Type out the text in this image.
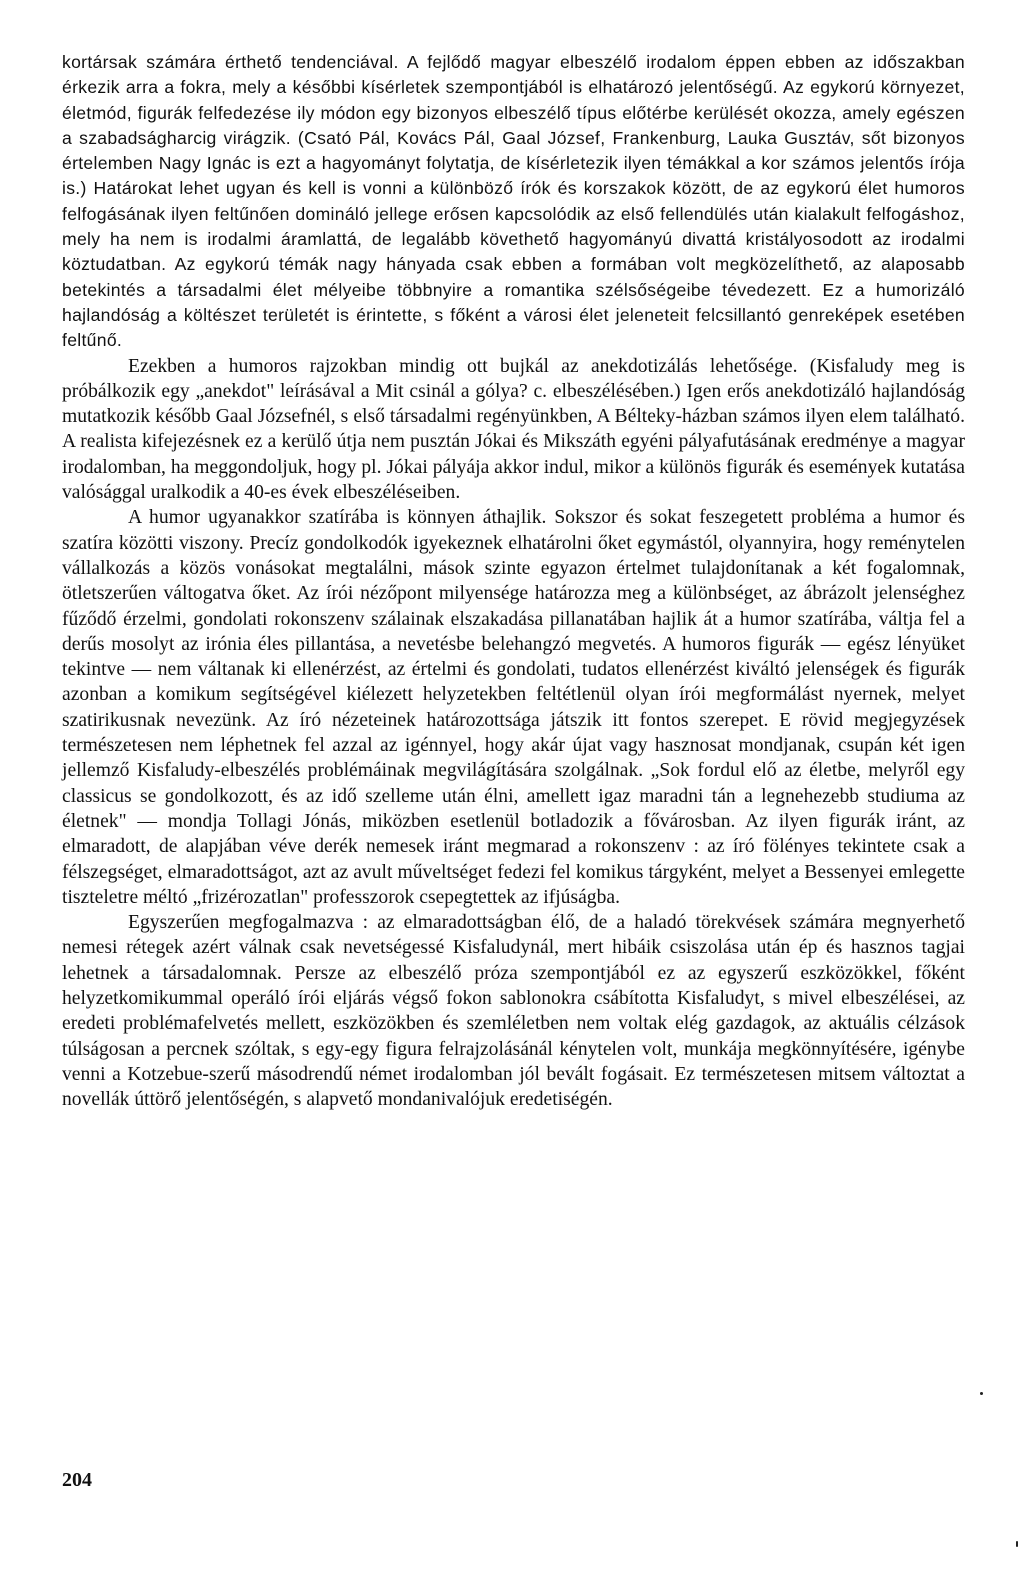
kortársak számára érthető tendenciával. A fejlődő magyar elbeszélő irodalom éppen ebben az időszakban érkezik arra a fokra, mely a későbbi kísérletek szempontjából is elhatározó jelentőségű. Az egykorú környezet, életmód, figurák felfedezése ily módon egy bizonyos elbeszélő típus előtérbe kerülését okozza, amely egészen a szabadságharcig virágzik. (Csató Pál, Kovács Pál, Gaal József, Frankenburg, Lauka Gusztáv, sőt bizonyos értelemben Nagy Ignác is ezt a hagyományt folytatja, de kísérletezik ilyen témákkal a kor számos jelentős írója is.) Határokat lehet ugyan és kell is vonni a különböző írók és korszakok között, de az egykorú élet humoros felfogásának ilyen feltűnően domináló jellege erősen kapcsolódik az első fellendülés után kialakult felfogáshoz, mely ha nem is irodalmi áramlattá, de legalább követhető hagyományú divattá kristályosodott az irodalmi köztudatban. Az egykorú témák nagy hányada csak ebben a formában volt megközelíthető, az alaposabb betekintés a társadalmi élet mélyeibe többnyire a romantika szélsőségeibe tévedezett. Ez a humorizáló hajlandóság a költészet területét is érintette, s főként a városi élet jeleneteit felcsillantó genreképek esetében feltűnő.

Ezekben a humoros rajzokban mindig ott bujkál az anekdotizálás lehetősége. (Kisfaludy meg is próbálkozik egy „anekdot" leírásával a Mit csinál a gólya? c. elbeszélésében.) Igen erős anekdotizáló hajlandóság mutatkozik később Gaal Józsefnél, s első társadalmi regényünkben, A Bélteky-házban számos ilyen elem található. A realista kifejezésnek ez a kerülő útja nem pusztán Jókai és Mikszáth egyéni pályafutásának eredménye a magyar irodalomban, ha meggondoljuk, hogy pl. Jókai pályája akkor indul, mikor a különös figurák és események kutatása valósággal uralkodik a 40-es évek elbeszéléseiben.

A humor ugyanakkor szatírába is könnyen áthajlik. Sokszor és sokat feszegetett probléma a humor és szatíra közötti viszony. Precíz gondolkodók igyekeznek elhatárolni őket egymástól, olyannyira, hogy reménytelen vállalkozás a közös vonásokat megtalálni, mások szinte egyazon értelmet tulajdonítanak a két fogalomnak, ötletszerűen váltogatva őket. Az írói nézőpont milyensége határozza meg a különbséget, az ábrázolt jelenséghez fűződő érzelmi, gondolati rokonszenv szálainak elszakadása pillanatában hajlik át a humor szatírába, váltja fel a derűs mosolyt az irónia éles pillantása, a nevetésbe belehangzó megvetés. A humoros figurák — egész lényüket tekintve — nem váltanak ki ellenérzést, az értelmi és gondolati, tudatos ellenérzést kiváltó jelenségek és figurák azonban a komikum segítségével kiélezett helyzetekben feltétlenül olyan írói megformálást nyernek, melyet szatirikusnak nevezünk. Az író nézeteinek határozottsága játszik itt fontos szerepet. E rövid megjegyzések természetesen nem léphetnek fel azzal az igénnyel, hogy akár újat vagy hasznosat mondjanak, csupán két igen jellemző Kisfaludy-elbeszélés problémáinak megvilágítására szolgálnak. „Sok fordul elő az életbe, melyről egy classicus se gondolkozott, és az idő szelleme után élni, amellett igaz maradni tán a legnehezebb studiuma az életnek" — mondja Tollagi Jónás, miközben esetlenül botladozik a fővárosban. Az ilyen figurák iránt, az elmaradott, de alapjában véve derék nemesek iránt megmarad a rokonszenv : az író fölényes tekintete csak a félszegséget, elmaradottságot, azt az avult műveltséget fedezi fel komikus tárgyként, melyet a Bessenyei emlegette tiszteletre méltó „frizérozatlan" professzorok csepegtettek az ifjúságba.

Egyszerűen megfogalmazva : az elmaradottságban élő, de a haladó törekvések számára megnyerhető nemesi rétegek azért válnak csak nevetségessé Kisfaludynál, mert hibáik csiszolása után ép és hasznos tagjai lehetnek a társadalomnak. Persze az elbeszélő próza szempontjából ez az egyszerű eszközökkel, főként helyzetkomikummal operáló írói eljárás végső fokon sablonokra csábította Kisfaludyt, s mivel elbeszélései, az eredeti problémafelvetés mellett, eszközökben és szemléletben nem voltak elég gazdagok, az aktuális célzások túlságosan a percnek szóltak, s egy-egy figura felrajzolásánál kénytelen volt, munkája megkönnyítésére, igénybe venni a Kotzebue-szerű másodrendű német irodalomban jól bevált fogásait. Ez természetesen mitsem változtat a novellák úttörő jelentőségén, s alapvető mondanivalójuk eredetiségén.

204
